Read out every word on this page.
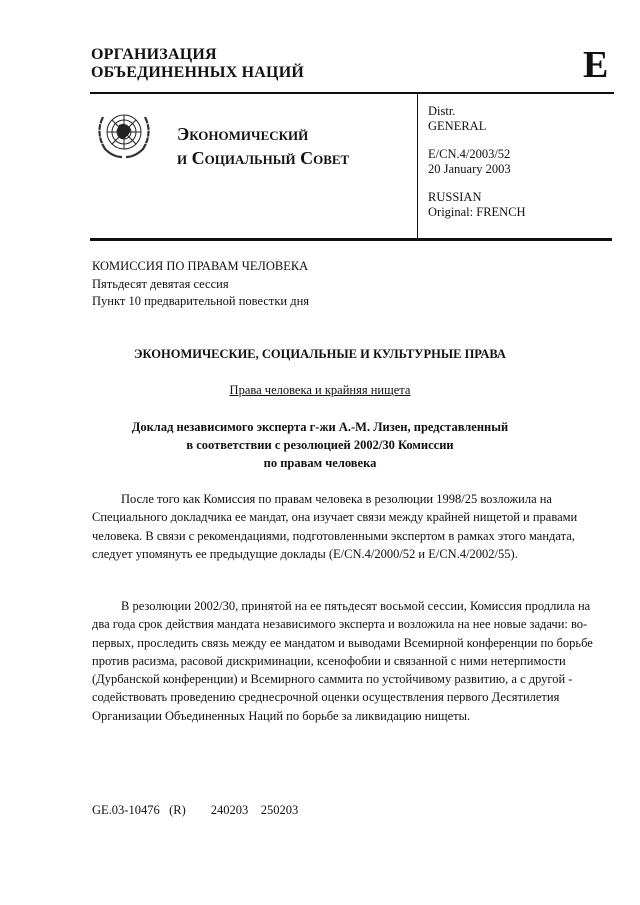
ОРГАНИЗАЦИЯ
ОБЪЕДИНЕННЫХ НАЦИЙ	E
Экономический
и Социальный Совет
Distr.
GENERAL
E/CN.4/2003/52
20 January 2003
RUSSIAN
Original: FRENCH
КОМИССИЯ ПО ПРАВАМ ЧЕЛОВЕКА
Пятьдесят девятая сессия
Пункт 10 предварительной повестки дня
ЭКОНОМИЧЕСКИЕ, СОЦИАЛЬНЫЕ И КУЛЬТУРНЫЕ ПРАВА
Права человека и крайняя нищета
Доклад независимого эксперта г-жи А.-М. Лизен, представленный
в соответствии с резолюцией 2002/30 Комиссии
по правам человека

После того как Комиссия по правам человека в резолюции 1998/25 возложила на Специального докладчика ее мандат, она изучает связи между крайней нищетой и правами человека. В связи с рекомендациями, подготовленными экспертом в рамках этого мандата, следует упомянуть ее предыдущие доклады (E/CN.4/2000/52 и E/CN.4/2002/55).

В резолюции 2002/30, принятой на ее пятьдесят восьмой сессии, Комиссия продлила на два года срок действия мандата независимого эксперта и возложила на нее новые задачи: во-первых, проследить связь между ее мандатом и выводами Всемирной конференции по борьбе против расизма, расовой дискриминации, ксенофобии и связанной с ними нетерпимости (Дурбанской конференции) и Всемирного саммита по устойчивому развитию, а с другой - содействовать проведению среднесрочной оценки осуществления первого Десятилетия Организации Объединенных Наций по борьбе за ликвидацию нищеты.

GE.03-10476   (R)        240203    250203
